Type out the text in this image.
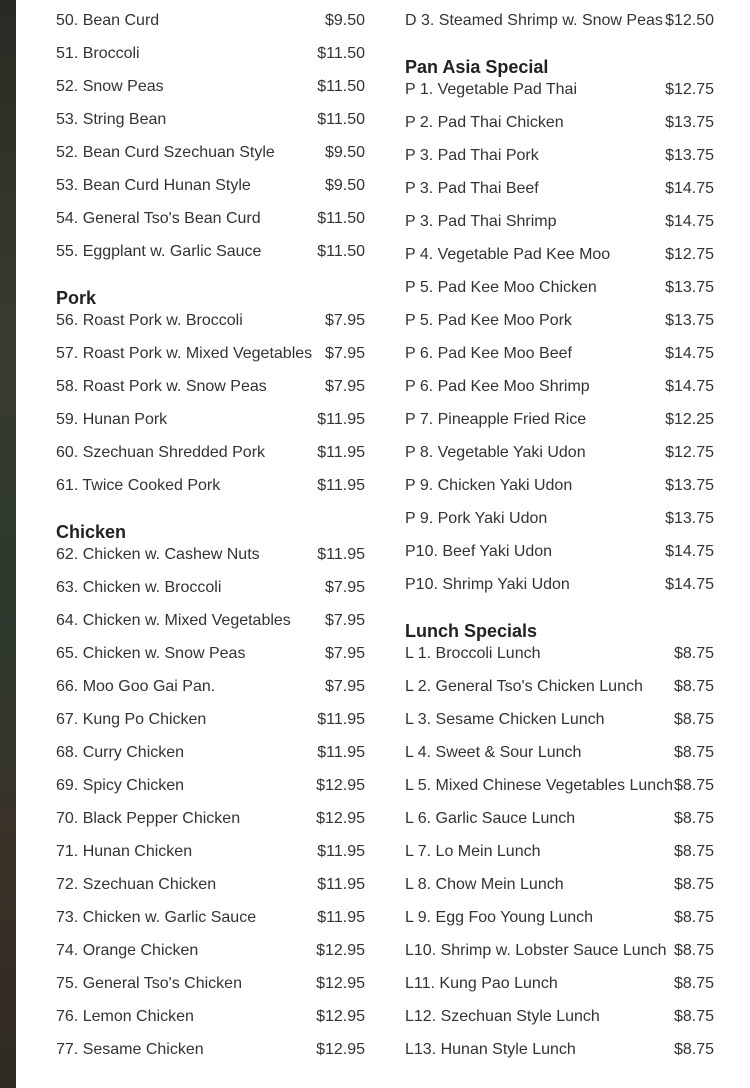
50. Bean Curd	$9.50
51. Broccoli	$11.50
52. Snow Peas	$11.50
53. String Bean	$11.50
52. Bean Curd Szechuan Style	$9.50
53. Bean Curd Hunan Style	$9.50
54. General Tso's Bean Curd	$11.50
55. Eggplant w. Garlic Sauce	$11.50
Pork
56. Roast Pork w. Broccoli	$7.95
57. Roast Pork w. Mixed Vegetables $7.95
58. Roast Pork w. Snow Peas	$7.95
59. Hunan Pork	$11.95
60. Szechuan Shredded Pork	$11.95
61. Twice Cooked Pork	$11.95
Chicken
62. Chicken w. Cashew Nuts	$11.95
63. Chicken w. Broccoli	$7.95
64. Chicken w. Mixed Vegetables $7.95
65. Chicken w. Snow Peas	$7.95
66. Moo Goo Gai Pan.	$7.95
67. Kung Po Chicken	$11.95
68. Curry Chicken	$11.95
69. Spicy Chicken	$12.95
70. Black Pepper Chicken	$12.95
71. Hunan Chicken	$11.95
72. Szechuan Chicken	$11.95
73. Chicken w. Garlic Sauce	$11.95
74. Orange Chicken	$12.95
75. General Tso's Chicken	$12.95
76. Lemon Chicken	$12.95
77. Sesame Chicken	$12.95
D 3. Steamed Shrimp w. Snow Peas $12.50
Pan Asia Special
P 1. Vegetable Pad Thai	$12.75
P 2. Pad Thai Chicken	$13.75
P 3. Pad Thai Pork	$13.75
P 3. Pad Thai Beef	$14.75
P 3. Pad Thai Shrimp	$14.75
P 4. Vegetable Pad Kee Moo	$12.75
P 5. Pad Kee Moo Chicken	$13.75
P 5. Pad Kee Moo Pork	$13.75
P 6. Pad Kee Moo Beef	$14.75
P 6. Pad Kee Moo Shrimp	$14.75
P 7. Pineapple Fried Rice	$12.25
P 8. Vegetable Yaki Udon	$12.75
P 9. Chicken Yaki Udon	$13.75
P 9. Pork Yaki Udon	$13.75
P10. Beef Yaki Udon	$14.75
P10. Shrimp Yaki Udon	$14.75
Lunch Specials
L 1. Broccoli Lunch	$8.75
L 2. General Tso's Chicken Lunch $8.75
L 3. Sesame Chicken Lunch	$8.75
L 4. Sweet & Sour Lunch	$8.75
L 5. Mixed Chinese Vegetables Lunch $8.75
L 6. Garlic Sauce Lunch	$8.75
L 7. Lo Mein Lunch	$8.75
L 8. Chow Mein Lunch	$8.75
L 9. Egg Foo Young Lunch	$8.75
L10. Shrimp w. Lobster Sauce Lunch $8.75
L11. Kung Pao Lunch	$8.75
L12. Szechuan Style Lunch	$8.75
L13. Hunan Style Lunch	$8.75
